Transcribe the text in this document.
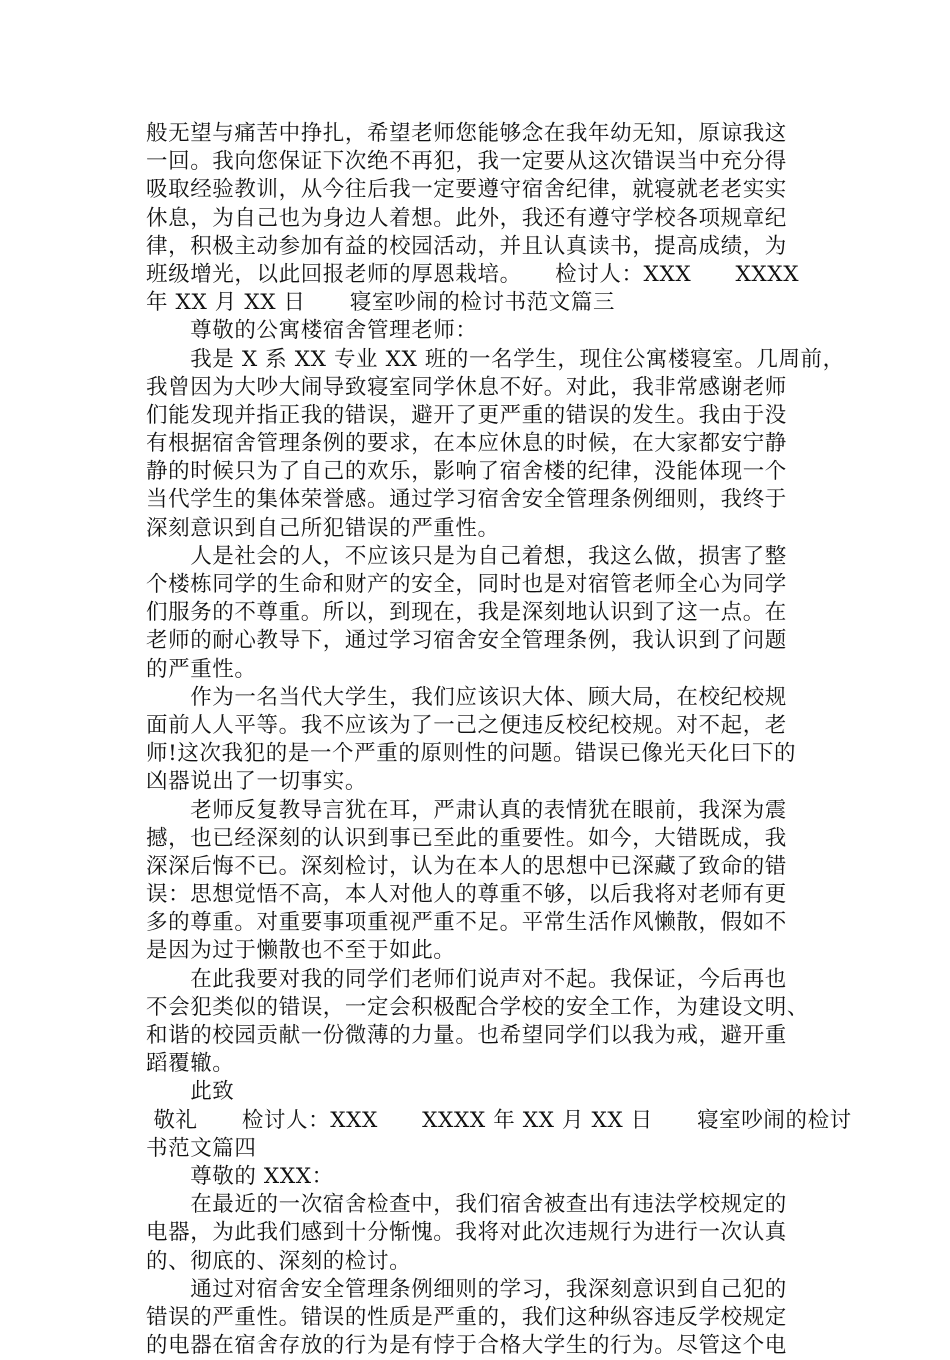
般无望与痛苦中挣扎，希望老师您能够念在我年幼无知，原谅我这
一回。我向您保证下次绝不再犯，我一定要从这次错误当中充分得
吸取经验教训，从今往后我一定要遵守宿舍纪律，就寝就老老实实
休息，为自己也为身边人着想。此外，我还有遵守学校各项规章纪
律，积极主动参加有益的校园活动，并且认真读书，提高成绩，为
班级增光，以此回报老师的厚恩栽培。　　检讨人：XXX　　XXXX
年 XX 月 XX 日　　寝室吵闹的检讨书范文篇三
　　尊敬的公寓楼宿舍管理老师：
　　我是 X 系 XX 专业 XX 班的一名学生，现住公寓楼寝室。几周前，
我曾因为大吵大闹导致寝室同学休息不好。对此，我非常感谢老师
们能发现并指正我的错误，避开了更严重的错误的发生。我由于没
有根据宿舍管理条例的要求，在本应休息的时候，在大家都安宁静
静的时候只为了自己的欢乐，影响了宿舍楼的纪律，没能体现一个
当代学生的集体荣誉感。通过学习宿舍安全管理条例细则，我终于
深刻意识到自己所犯错误的严重性。
　　人是社会的人，不应该只是为自己着想，我这么做，损害了整
个楼栋同学的生命和财产的安全，同时也是对宿管老师全心为同学
们服务的不尊重。所以，到现在，我是深刻地认识到了这一点。在
老师的耐心教导下，通过学习宿舍安全管理条例，我认识到了问题
的严重性。
　　作为一名当代大学生，我们应该识大体、顾大局，在校纪校规
面前人人平等。我不应该为了一己之便违反校纪校规。对不起，老
师!这次我犯的是一个严重的原则性的问题。错误已像光天化曰下的
凶器说出了一切事实。
　　老师反复教导言犹在耳，严肃认真的表情犹在眼前，我深为震
撼，也已经深刻的认识到事已至此的重要性。如今，大错既成，我
深深后悔不已。深刻检讨，认为在本人的思想中已深藏了致命的错
误：思想觉悟不高，本人对他人的尊重不够，以后我将对老师有更
多的尊重。对重要事项重视严重不足。平常生活作风懒散，假如不
是因为过于懒散也不至于如此。
　　在此我要对我的同学们老师们说声对不起。我保证，今后再也
不会犯类似的错误，一定会积极配合学校的安全工作，为建设文明、
和谐的校园贡献一份微薄的力量。也希望同学们以我为戒，避开重
蹈覆辙。
　　此致
敬礼　　检讨人：XXX　　XXXX 年 XX 月 XX 日　　寝室吵闹的检讨
书范文篇四
　　尊敬的 XXX：
　　在最近的一次宿舍检查中，我们宿舍被查出有违法学校规定的
电器，为此我们感到十分惭愧。我将对此次违规行为进行一次认真
的、彻底的、深刻的检讨。
　　通过对宿舍安全管理条例细则的学习，我深刻意识到自己犯的
错误的严重性。错误的性质是严重的，我们这种纵容违反学校规定
的电器在宿舍存放的行为是有悖于合格大学生的行为。尽管这个电
